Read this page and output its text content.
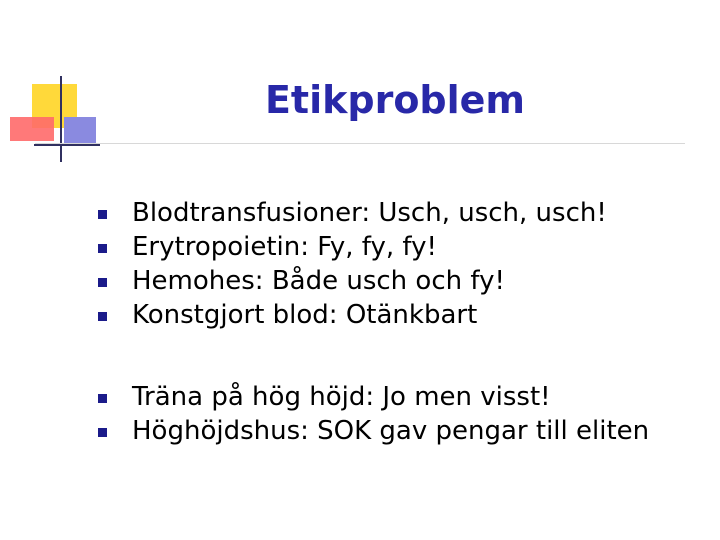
Etikproblem
Blodtransfusioner: Usch, usch, usch!
Erytropoietin: Fy, fy, fy!
Hemohes: Både usch och fy!
Konstgjort blod: Otänkbart
Träna på hög höjd: Jo men visst!
Höghöjdshus: SOK gav pengar till eliten
